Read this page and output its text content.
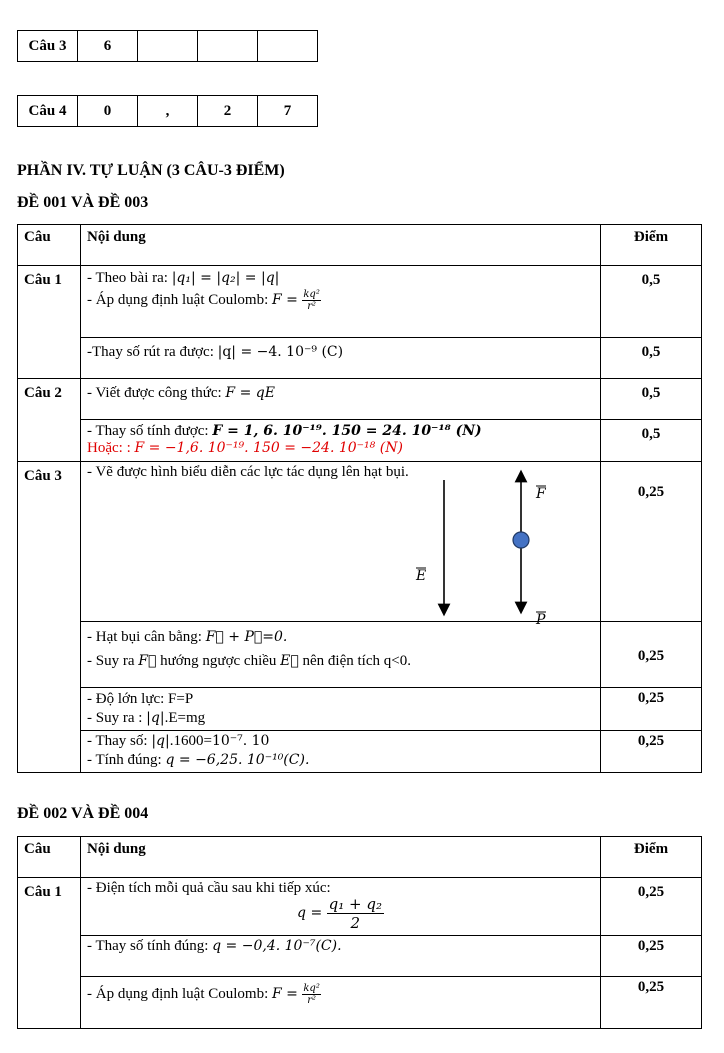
Câu 3	6			
Câu 4	0	,	2	7
PHẦN IV. TỰ LUẬN (3 CÂU-3 ĐIỂM)
ĐỀ 001 VÀ ĐỀ 003
Câu	Nội dung	Điểm
Câu 1	- Theo bài ra: |q₁| = |q₂| = |q|
- Áp dụng định luật Coulomb: $F = \frac{\text{kq²}}{\text{r²}}$	0,5
	-Thay số rút ra được: |q| = −4. 10⁻⁹ (C)	0,5
Câu 2	- Viết được công thức: F = qE	0,5

	- Thay số tính được: F = 1, 6. 10⁻¹⁹. 150 = 24. 10⁻¹⁸ (N)
Hoặc: : F = −1,6. 10⁻¹⁹. 150 = −24. 10⁻¹⁸ (N)	0,5
Câu 3	- Vẽ được hình biểu diễn các lực tác dụng lên hạt bụi.
E
F
P	0,25

	- Hạt bụi cân bằng: F⃗ + P⃗=0.
- Suy ra F⃗ hướng ngược chiều E⃗ nên điện tích q<0.	0,25

	- Độ lớn lực: F=P
- Suy ra : |q|.E=mg	0,25

	- Thay số: |q|.1600=10⁻⁷. 10
- Tính đúng: q = −6,25. 10⁻¹⁰(C).	0,25
ĐỀ 002 VÀ ĐỀ 004
Câu	Nội dung	Điểm
Câu 1	- Điện tích mỗi quả cầu sau khi tiếp xúc:
$q = \frac{\text{q₁ + q₂}}{2}$	0,25
	- Thay số tính đúng: q = −0,4. 10⁻⁷(C).	0,25
	- Áp dụng định luật Coulomb: $F = \frac{\text{kq²}}{\text{r²}}$	0,25
